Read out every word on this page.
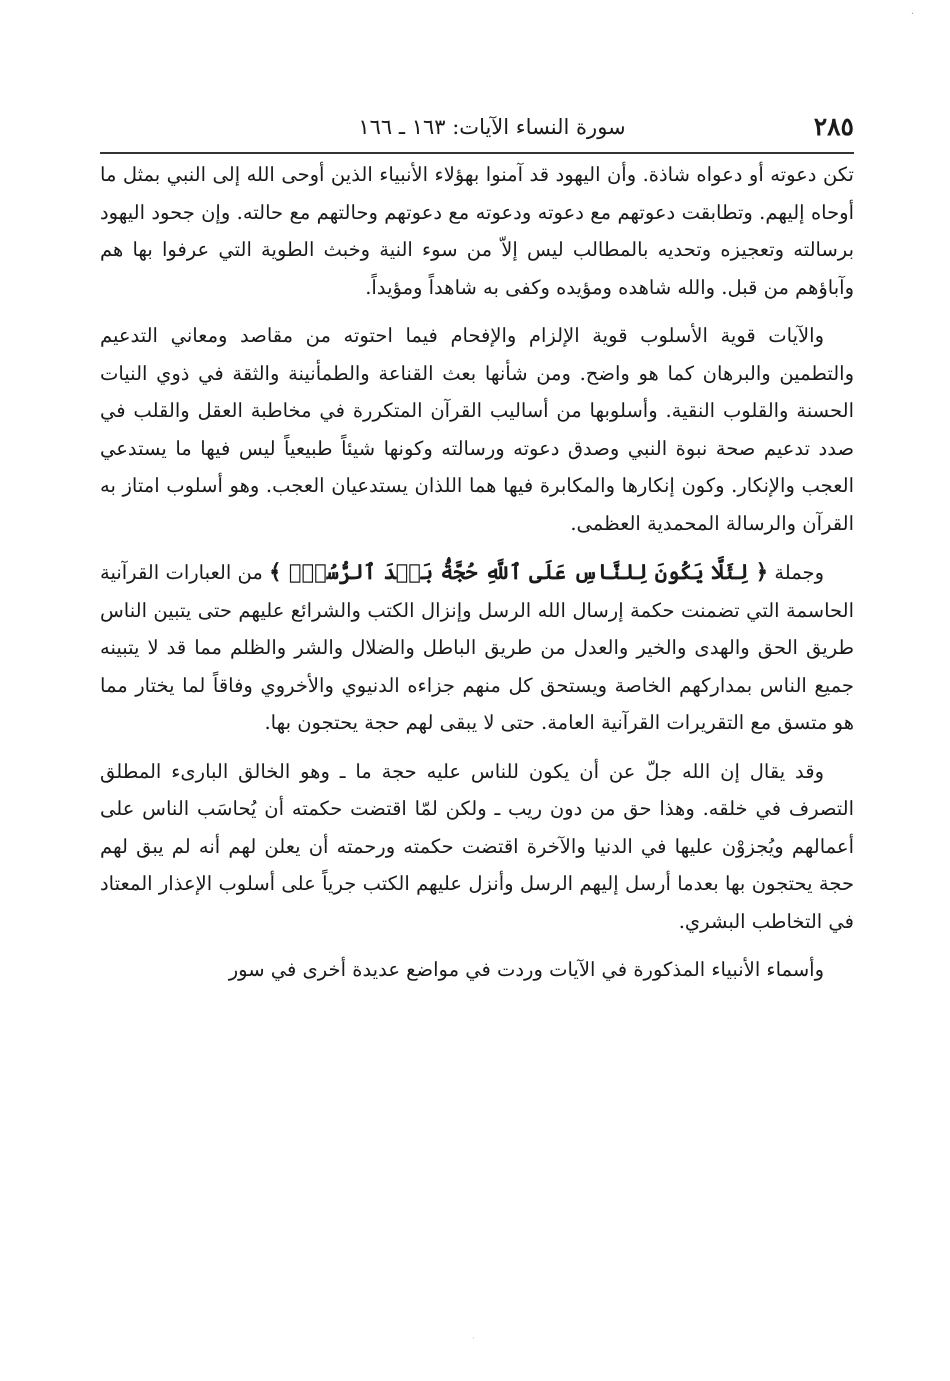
·
٢٨٥
سورة النساء الآيات: ١٦٣ ـ ١٦٦

تكن دعوته أو دعواه شاذة. وأن اليهود قد آمنوا بهؤلاء الأنبياء الذين أوحى الله إلى النبي بمثل ما أوحاه إليهم. وتطابقت دعوتهم مع دعوته ودعوته مع دعوتهم وحالتهم مع حالته. وإن جحود اليهود برسالته وتعجيزه وتحديه بالمطالب ليس إلاّ من سوء النية وخبث الطوية التي عرفوا بها هم وآباؤهم من قبل. والله شاهده ومؤيده وكفى به شاهداً ومؤيداً.

والآيات قوية الأسلوب قوية الإلزام والإفحام فيما احتوته من مقاصد ومعاني التدعيم والتطمين والبرهان كما هو واضح. ومن شأنها بعث القناعة والطمأنينة والثقة في ذوي النيات الحسنة والقلوب النقية. وأسلوبها من أساليب القرآن المتكررة في مخاطبة العقل والقلب في صدد تدعيم صحة نبوة النبي وصدق دعوته ورسالته وكونها شيئاً طبيعياً ليس فيها ما يستدعي العجب والإنكار. وكون إنكارها والمكابرة فيها هما اللذان يستدعيان العجب. وهو أسلوب امتاز به القرآن والرسالة المحمدية العظمى.

وجملة ﴿ لِئَلَّا يَكُونَ لِلنَّاسِ عَلَى ٱللَّهِ حُجَّةُۢ بَعۡدَ ٱلرُّسُلِۚ ﴾ من العبارات القرآنية الحاسمة التي تضمنت حكمة إرسال الله الرسل وإنزال الكتب والشرائع عليهم حتى يتبين الناس طريق الحق والهدى والخير والعدل من طريق الباطل والضلال والشر والظلم مما قد لا يتبينه جميع الناس بمداركهم الخاصة ويستحق كل منهم جزاءه الدنيوي والأخروي وفاقاً لما يختار مما هو متسق مع التقريرات القرآنية العامة. حتى لا يبقى لهم حجة يحتجون بها.

وقد يقال إن الله جلّ عن أن يكون للناس عليه حجة ما ـ وهو الخالق البارىء المطلق التصرف في خلقه. وهذا حق من دون ريب ـ ولكن لمّا اقتضت حكمته أن يُحاسَب الناس على أعمالهم ويُجزوْن عليها في الدنيا والآخرة اقتضت حكمته ورحمته أن يعلن لهم أنه لم يبق لهم حجة يحتجون بها بعدما أرسل إليهم الرسل وأنزل عليهم الكتب جرياً على أسلوب الإعذار المعتاد في التخاطب البشري.

وأسماء الأنبياء المذكورة في الآيات وردت في مواضع عديدة أخرى في سور

·
